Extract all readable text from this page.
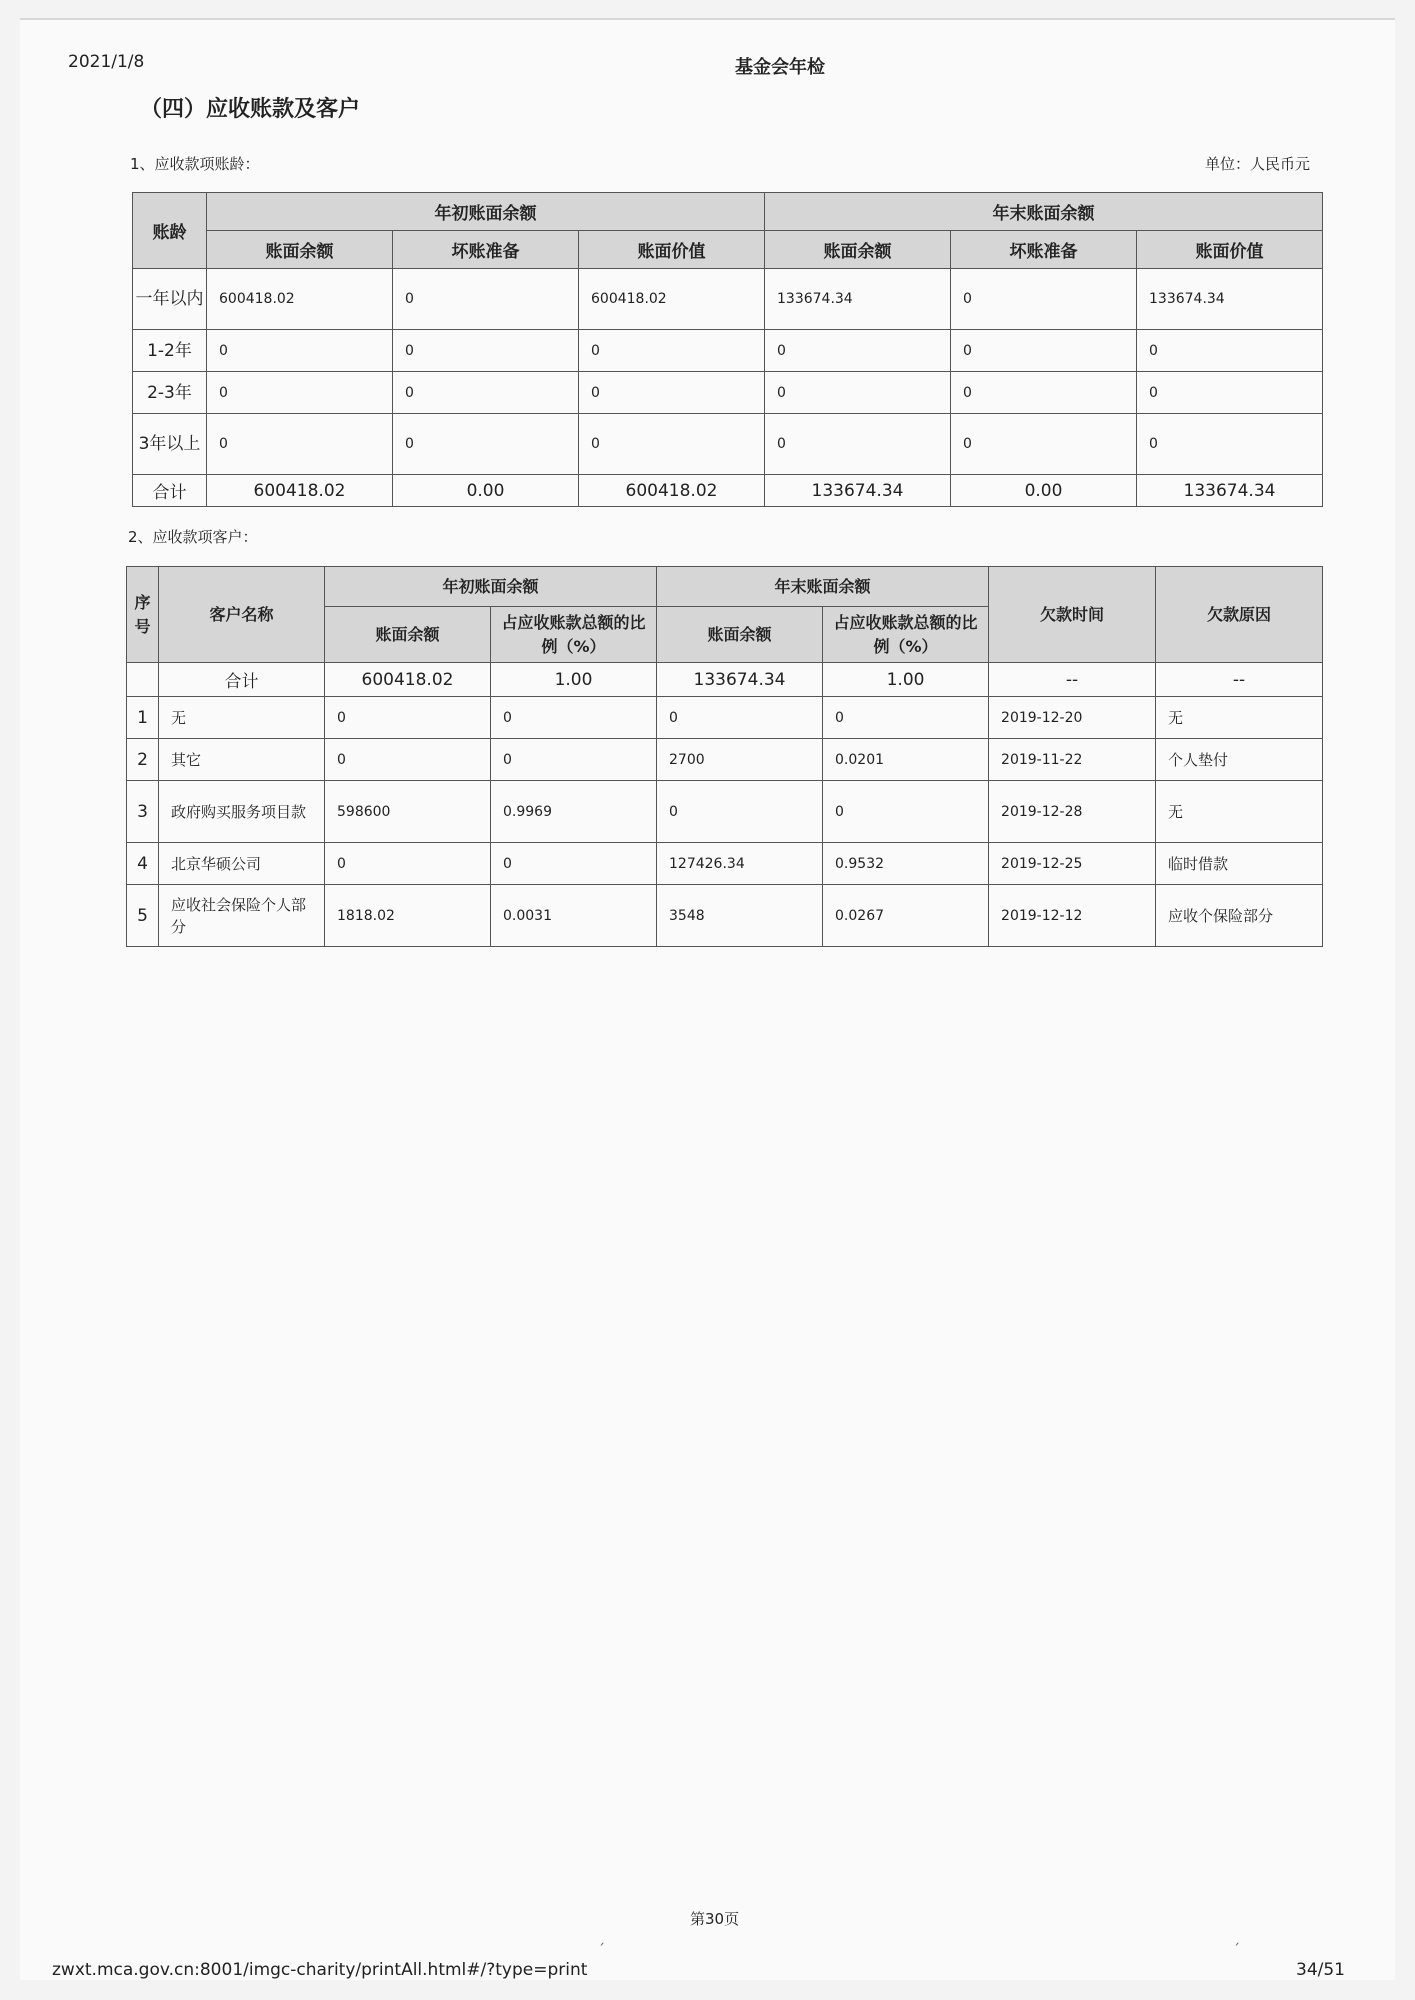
2021/1/8	基金会年检
（四）应收账款及客户
1、应收款项账龄：	单位：人民币元
账龄	年初账面余额			年末账面余额		
	账面余额	坏账准备	账面价值	账面余额	坏账准备	账面价值
一年以内	600418.02	0	600418.02	133674.34	0	133674.34
1-2年	0	0	0	0	0	0
2-3年	0	0	0	0	0	0
3年以上	0	0	0	0	0	0
合计	600418.02	0.00	600418.02	133674.34	0.00	133674.34
2、应收款项客户：
序号	客户名称	年初账面余额		年末账面余额		欠款时间	欠款原因
		账面余额	占应收账款总额的比例（%）	账面余额	占应收账款总额的比例（%）		
	合计	600418.02	1.00	133674.34	1.00	--	--
1	无	0	0	0	0	2019-12-20	无
2	其它	0	0	2700	0.0201	2019-11-22	个人垫付
3	政府购买服务项目款	598600	0.9969	0	0	2019-12-28	无
4	北京华硕公司	0	0	127426.34	0.9532	2019-12-25	临时借款
5	应收社会保险个人部分	1818.02	0.0031	3548	0.0267	2019-12-12	应收个保险部分
ˏ	ˏ
第30页
zwxt.mca.gov.cn:8001/imgc-charity/printAll.html#/?type=print	34/51
